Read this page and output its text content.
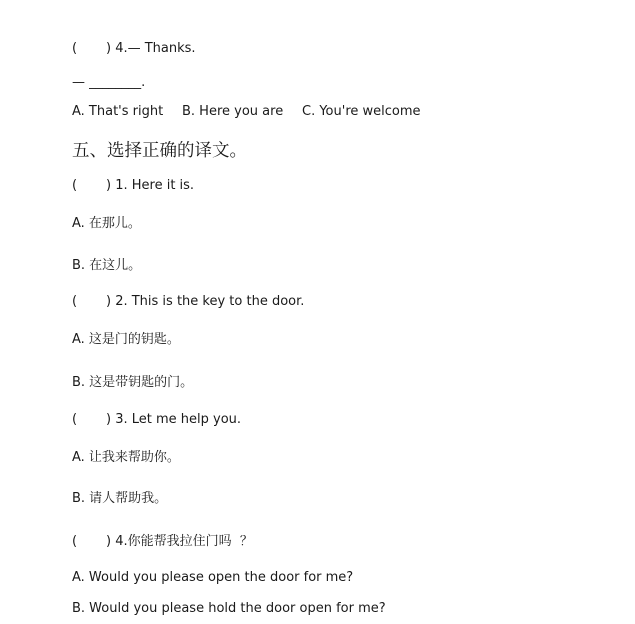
(       ) 4.— Thanks.
— ________.
A. That's right B. Here you are C. You're welcome
五、选择正确的译文。
(       ) 1. Here it is.
A. 在那儿。
B. 在这儿。
(       ) 2. This is the key to the door.
A. 这是门的钥匙。
B. 这是带钥匙的门。
(       ) 3. Let me help you.
A. 让我来帮助你。
B. 请人帮助我。
(       ) 4.你能帮我拉住门吗  ？
A. Would you please open the door for me?
B. Would you please hold the door open for me?
